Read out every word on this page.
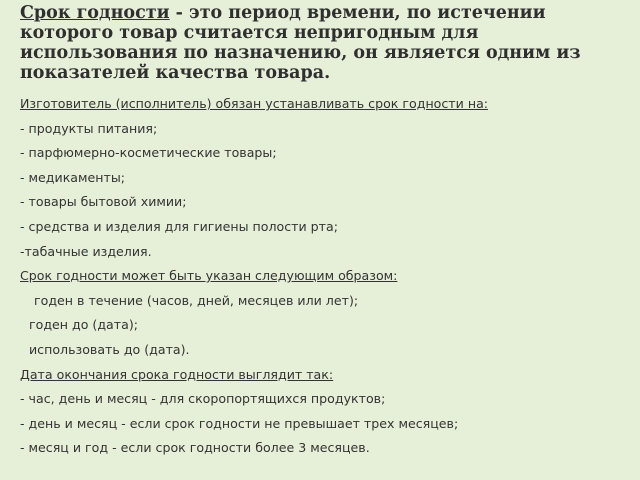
Срок годности - это период времени, по истечении которого товар считается непригодным для использования по назначению, он является одним из показателей качества товара.

Изготовитель (исполнитель) обязан устанавливать срок годности на:
- продукты питания;
- парфюмерно-косметические товары;
- медикаменты;
- товары бытовой химии;
- средства и изделия для гигиены полости рта;
-табачные изделия.
Срок годности может быть указан следующим образом:
годен в течение (часов, дней, месяцев или лет);
годен до (дата);
использовать до (дата).
Дата окончания срока годности выглядит так:
- час, день и месяц - для скоропортящихся продуктов;
- день и месяц - если срок годности не превышает трех месяцев;
- месяц и год - если срок годности более 3 месяцев.
